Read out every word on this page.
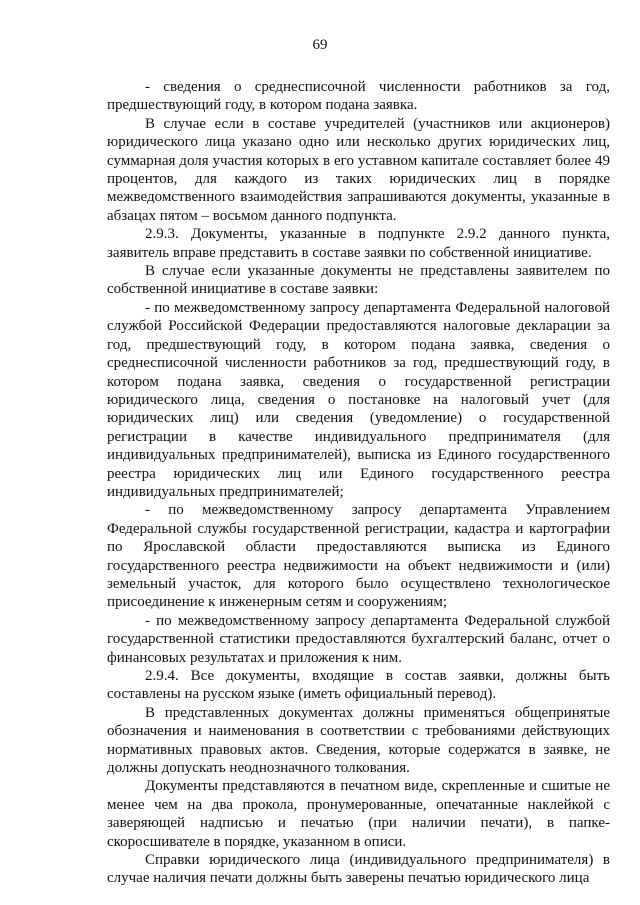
69

- сведения о среднесписочной численности работников за год, предшествующий году, в котором подана заявка.

В случае если в составе учредителей (участников или акционеров) юридического лица указано одно или несколько других юридических лиц, суммарная доля участия которых в его уставном капитале составляет более 49 процентов, для каждого из таких юридических лиц в порядке межведомственного взаимодействия запрашиваются документы, указанные в абзацах пятом – восьмом данного подпункта.

2.9.3. Документы, указанные в подпункте 2.9.2 данного пункта, заявитель вправе представить в составе заявки по собственной инициативе.

В случае если указанные документы не представлены заявителем по собственной инициативе в составе заявки:

- по межведомственному запросу департамента Федеральной налоговой службой Российской Федерации предоставляются налоговые декларации за год, предшествующий году, в котором подана заявка, сведения о среднесписочной численности работников за год, предшествующий году, в котором подана заявка, сведения о государственной регистрации юридического лица, сведения о постановке на налоговый учет (для юридических лиц) или сведения (уведомление) о государственной регистрации в качестве индивидуального предпринимателя (для индивидуальных предпринимателей), выписка из Единого государственного реестра юридических лиц или Единого государственного реестра индивидуальных предпринимателей;

- по межведомственному запросу департамента Управлением Федеральной службы государственной регистрации, кадастра и картографии по Ярославской области предоставляются выписка из Единого государственного реестра недвижимости на объект недвижимости и (или) земельный участок, для которого было осуществлено технологическое присоединение к инженерным сетям и сооружениям;

- по межведомственному запросу департамента Федеральной службой государственной статистики предоставляются бухгалтерский баланс, отчет о финансовых результатах и приложения к ним.

2.9.4. Все документы, входящие в состав заявки, должны быть составлены на русском языке (иметь официальный перевод).

В представленных документах должны применяться общепринятые обозначения и наименования в соответствии с требованиями действующих нормативных правовых актов. Сведения, которые содержатся в заявке, не должны допускать неоднозначного толкования.

Документы представляются в печатном виде, скрепленные и сшитые не менее чем на два прокола, пронумерованные, опечатанные наклейкой с заверяющей надписью и печатью (при наличии печати), в папке-скоросшивателе в порядке, указанном в описи.

Справки юридического лица (индивидуального предпринимателя) в случае наличия печати должны быть заверены печатью юридического лица
